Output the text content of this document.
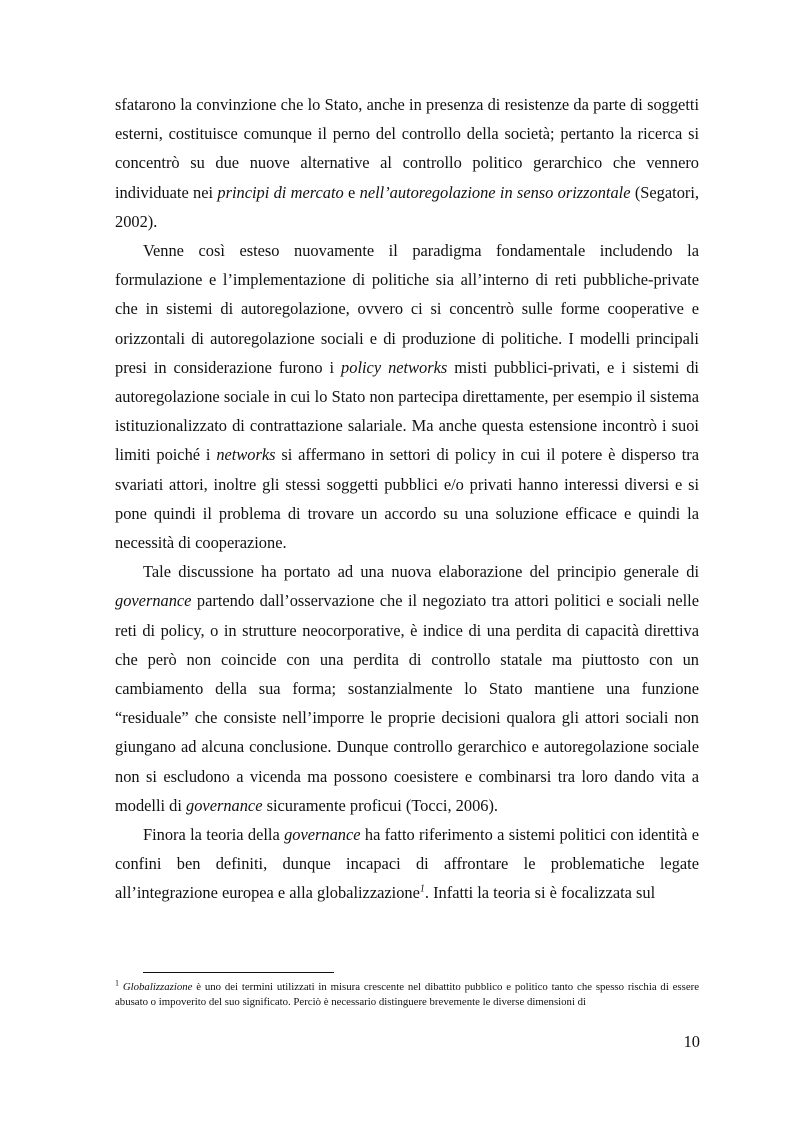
sfatarono la convinzione che lo Stato, anche in presenza di resistenze da parte di soggetti esterni, costituisce comunque il perno del controllo della società; pertanto la ricerca si concentrò su due nuove alternative al controllo politico gerarchico che vennero individuate nei principi di mercato e nell’autoregolazione in senso orizzontale (Segatori, 2002).

Venne così esteso nuovamente il paradigma fondamentale includendo la formulazione e l’implementazione di politiche sia all’interno di reti pubbliche-private che in sistemi di autoregolazione, ovvero ci si concentrò sulle forme cooperative e orizzontali di autoregolazione sociali e di produzione di politiche. I modelli principali presi in considerazione furono i policy networks misti pubblici-privati, e i sistemi di autoregolazione sociale in cui lo Stato non partecipa direttamente, per esempio il sistema istituzionalizzato di contrattazione salariale. Ma anche questa estensione incontrò i suoi limiti poiché i networks si affermano in settori di policy in cui il potere è disperso tra svariati attori, inoltre gli stessi soggetti pubblici e/o privati hanno interessi diversi e si pone quindi il problema di trovare un accordo su una soluzione efficace e quindi la necessità di cooperazione.

Tale discussione ha portato ad una nuova elaborazione del principio generale di governance partendo dall’osservazione che il negoziato tra attori politici e sociali nelle reti di policy, o in strutture neocorporative, è indice di una perdita di capacità direttiva che però non coincide con una perdita di controllo statale ma piuttosto con un cambiamento della sua forma; sostanzialmente lo Stato mantiene una funzione “residuale” che consiste nell’imporre le proprie decisioni qualora gli attori sociali non giungano ad alcuna conclusione. Dunque controllo gerarchico e autoregolazione sociale non si escludono a vicenda ma possono coesistere e combinarsi tra loro dando vita a modelli di governance sicuramente proficui (Tocci, 2006).

Finora la teoria della governance ha fatto riferimento a sistemi politici con identità e confini ben definiti, dunque incapaci di affrontare le problematiche legate all’integrazione europea e alla globalizzazione$^1$. Infatti la teoria si è focalizzata sul

$^1$ Globalizzazione è uno dei termini utilizzati in misura crescente nel dibattito pubblico e politico tanto che spesso rischia di essere abusato o impoverito del suo significato. Perciò è necessario distinguere brevemente le diverse dimensioni di

10
